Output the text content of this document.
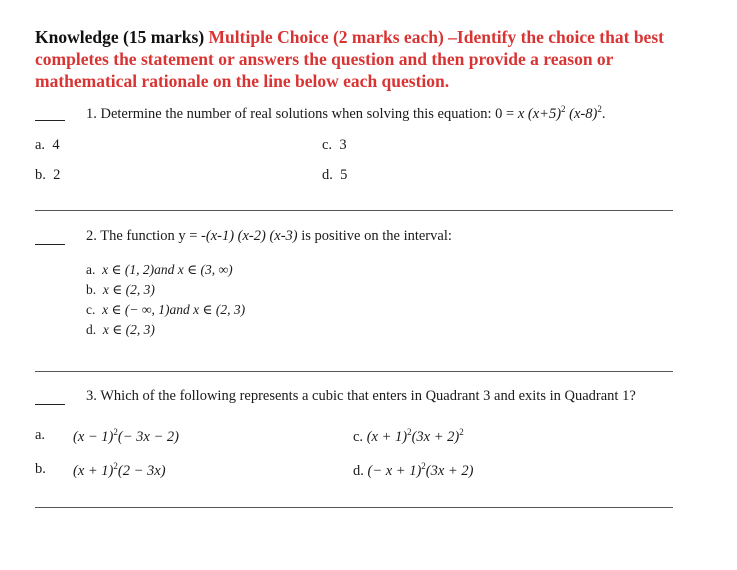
Knowledge (15 marks) Multiple Choice (2 marks each) –Identify the choice that best completes the statement or answers the question and then provide a reason or mathematical rationale on the line below each question.
1. Determine the number of real solutions when solving this equation: 0 = x $(x+5)^2$ $(x-8)^2$.
a. 4	c. 3
b. 2	d. 5
2. The function y = -(x-1) (x-2) (x-3) is positive on the interval:
a. x ∈ (1, 2)and x ∈ (3, ∞)
b. x ∈ (2, 3)
c. x ∈ (− ∞, 1)and x ∈ (2, 3)
d. x ∈ (2, 3)
3. Which of the following represents a cubic that enters in Quadrant 3 and exits in Quadrant 1?
a. $(x - 1)^2(- 3x - 2)$	c. $(x + 1)^2(3x + 2)^2$
b. $(x + 1)^2(2 - 3x)$	d. (− x + 1)$^2$(3x + 2)
